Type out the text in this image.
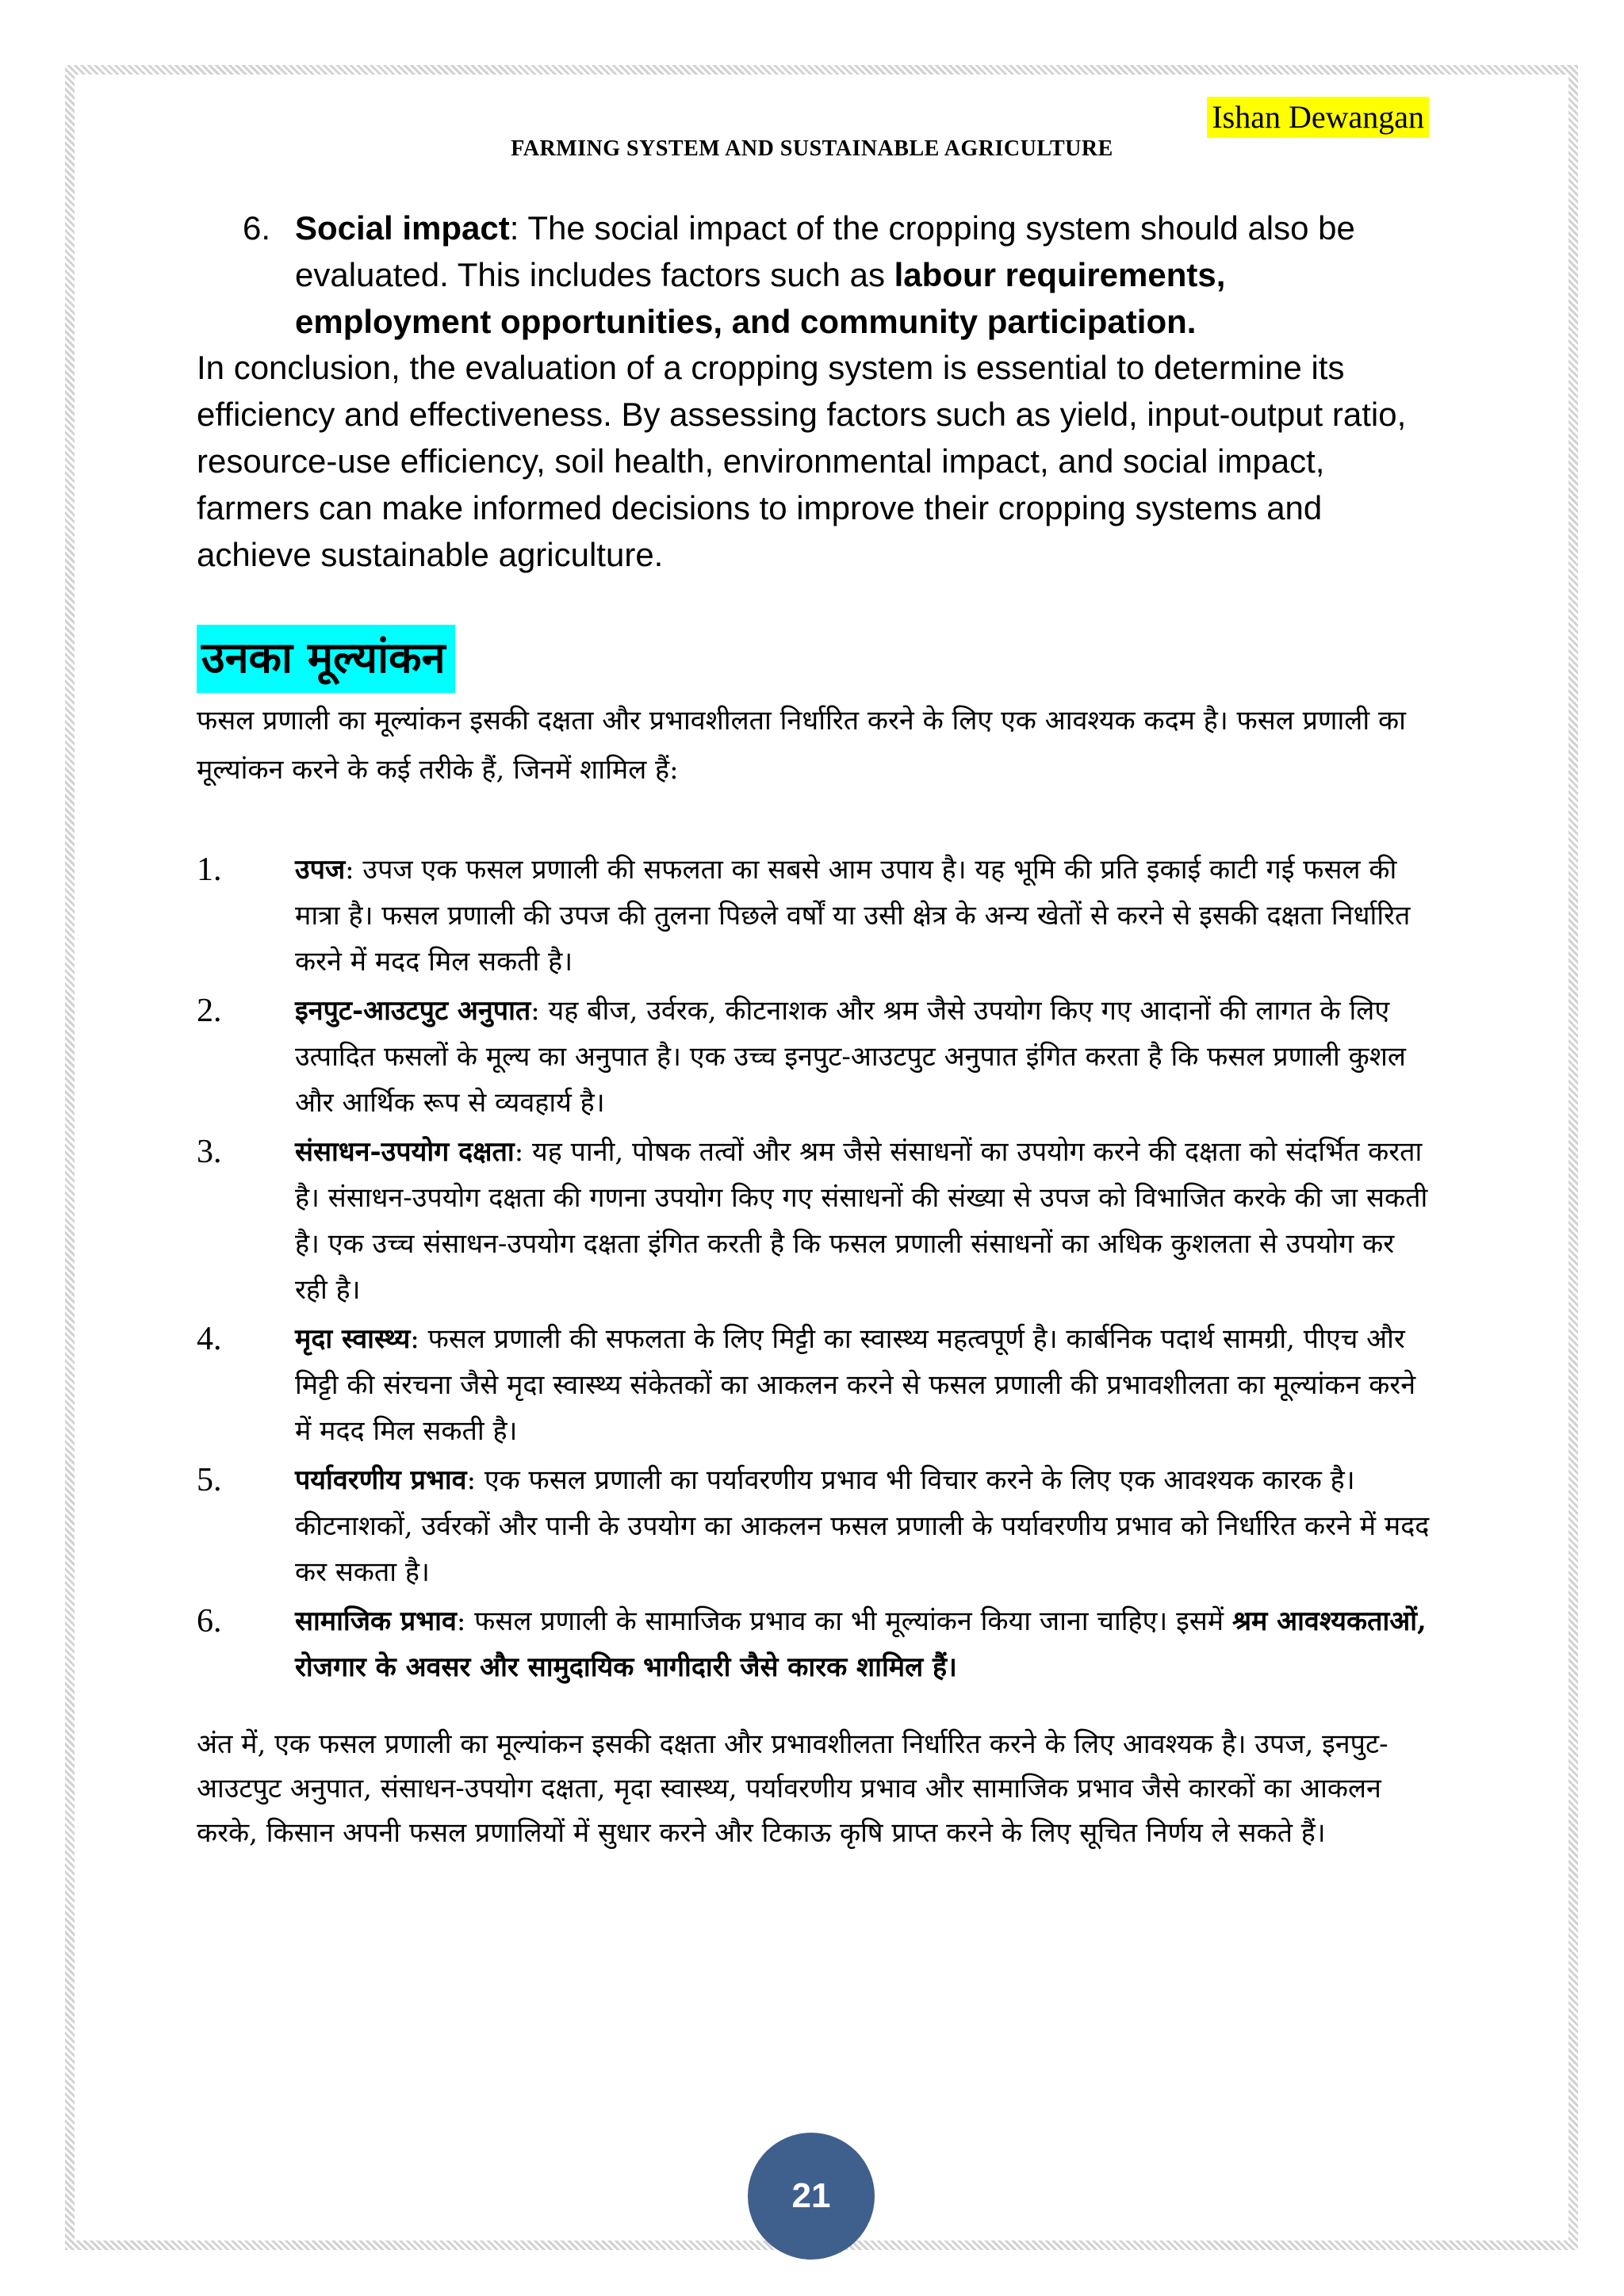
Ishan Dewangan
FARMING SYSTEM AND SUSTAINABLE AGRICULTURE
6. Social impact: The social impact of the cropping system should also be evaluated. This includes factors such as labour requirements, employment opportunities, and community participation.

In conclusion, the evaluation of a cropping system is essential to determine its efficiency and effectiveness. By assessing factors such as yield, input-output ratio, resource-use efficiency, soil health, environmental impact, and social impact, farmers can make informed decisions to improve their cropping systems and achieve sustainable agriculture.

उनका मूल्यांकन

फसल प्रणाली का मूल्यांकन इसकी दक्षता और प्रभावशीलता निर्धारित करने के लिए एक आवश्यक कदम है। फसल प्रणाली का मूल्यांकन करने के कई तरीके हैं, जिनमें शामिल हैं:

1.	उपज: उपज एक फसल प्रणाली की सफलता का सबसे आम उपाय है। यह भूमि की प्रति इकाई काटी गई फसल की मात्रा है। फसल प्रणाली की उपज की तुलना पिछले वर्षों या उसी क्षेत्र के अन्य खेतों से करने से इसकी दक्षता निर्धारित करने में मदद मिल सकती है।
2.	इनपुट-आउटपुट अनुपात: यह बीज, उर्वरक, कीटनाशक और श्रम जैसे उपयोग किए गए आदानों की लागत के लिए उत्पादित फसलों के मूल्य का अनुपात है। एक उच्च इनपुट-आउटपुट अनुपात इंगित करता है कि फसल प्रणाली कुशल और आर्थिक रूप से व्यवहार्य है।
3.	संसाधन-उपयोग दक्षता: यह पानी, पोषक तत्वों और श्रम जैसे संसाधनों का उपयोग करने की दक्षता को संदर्भित करता है। संसाधन-उपयोग दक्षता की गणना उपयोग किए गए संसाधनों की संख्या से उपज को विभाजित करके की जा सकती है। एक उच्च संसाधन-उपयोग दक्षता इंगित करती है कि फसल प्रणाली संसाधनों का अधिक कुशलता से उपयोग कर रही है।
4.	मृदा स्वास्थ्य: फसल प्रणाली की सफलता के लिए मिट्टी का स्वास्थ्य महत्वपूर्ण है। कार्बनिक पदार्थ सामग्री, पीएच और मिट्टी की संरचना जैसे मृदा स्वास्थ्य संकेतकों का आकलन करने से फसल प्रणाली की प्रभावशीलता का मूल्यांकन करने में मदद मिल सकती है।
5.	पर्यावरणीय प्रभाव: एक फसल प्रणाली का पर्यावरणीय प्रभाव भी विचार करने के लिए एक आवश्यक कारक है। कीटनाशकों, उर्वरकों और पानी के उपयोग का आकलन फसल प्रणाली के पर्यावरणीय प्रभाव को निर्धारित करने में मदद कर सकता है।
6.	सामाजिक प्रभाव: फसल प्रणाली के सामाजिक प्रभाव का भी मूल्यांकन किया जाना चाहिए। इसमें श्रम आवश्यकताओं, रोजगार के अवसर और सामुदायिक भागीदारी जैसे कारक शामिल हैं।

अंत में, एक फसल प्रणाली का मूल्यांकन इसकी दक्षता और प्रभावशीलता निर्धारित करने के लिए आवश्यक है। उपज, इनपुट-आउटपुट अनुपात, संसाधन-उपयोग दक्षता, मृदा स्वास्थ्य, पर्यावरणीय प्रभाव और सामाजिक प्रभाव जैसे कारकों का आकलन करके, किसान अपनी फसल प्रणालियों में सुधार करने और टिकाऊ कृषि प्राप्त करने के लिए सूचित निर्णय ले सकते हैं।

21
